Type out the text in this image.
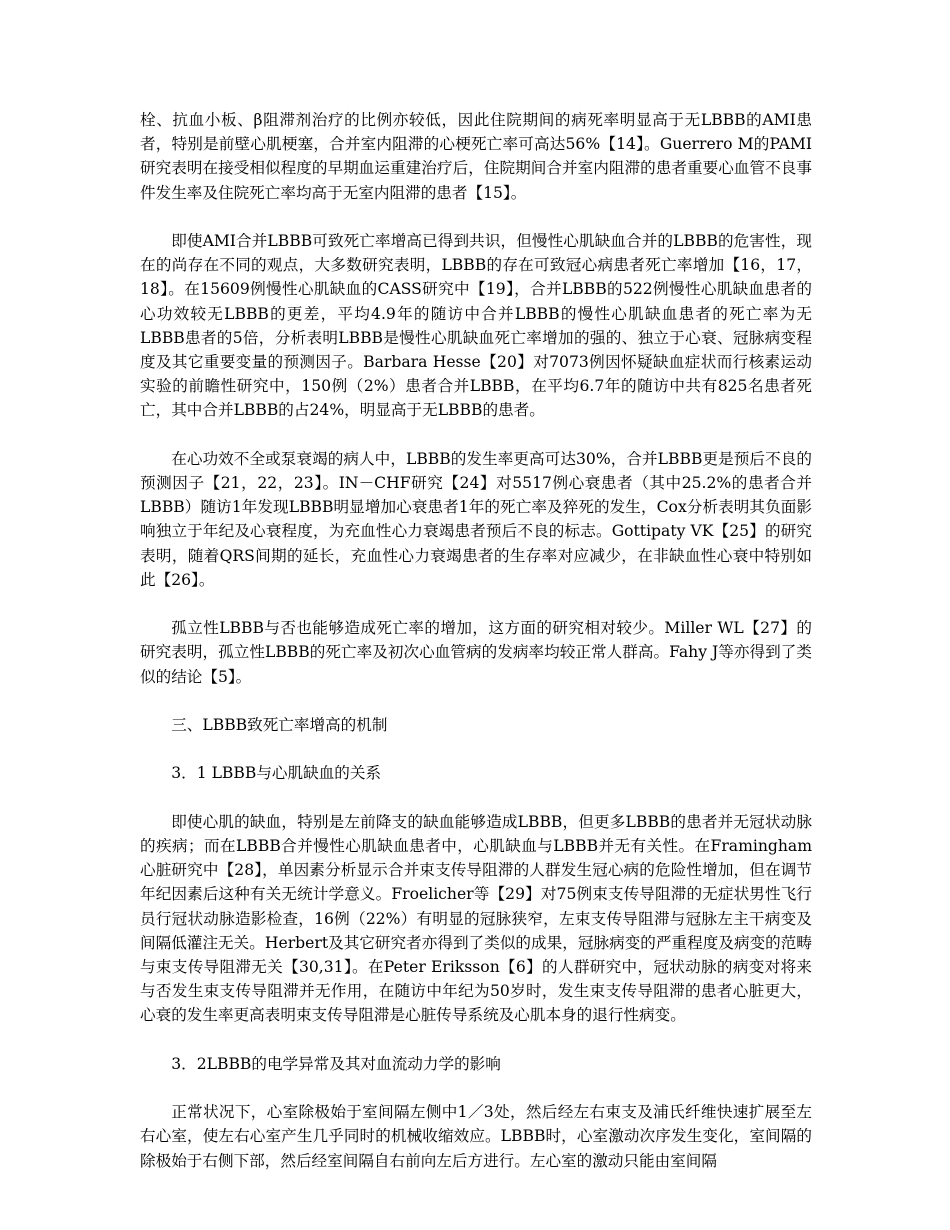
栓、抗血小板、β阻滞剂治疗的比例亦较低，因此住院期间的病死率明显高于无LBBB的AMI患者，特别是前壁心肌梗塞，合并室内阻滞的心梗死亡率可高达56%【14】。Guerrero M的PAMI研究表明在接受相似程度的早期血运重建治疗后，住院期间合并室内阻滞的患者重要心血管不良事件发生率及住院死亡率均高于无室内阻滞的患者【15】。

即使AMI合并LBBB可致死亡率增高已得到共识，但慢性心肌缺血合并的LBBB的危害性，现在的尚存在不同的观点，大多数研究表明，LBBB的存在可致冠心病患者死亡率增加【16，17，18】。在15609例慢性心肌缺血的CASS研究中【19】，合并LBBB的522例慢性心肌缺血患者的心功效较无LBBB的更差，平均4.9年的随访中合并LBBB的慢性心肌缺血患者的死亡率为无LBBB患者的5倍，分析表明LBBB是慢性心肌缺血死亡率增加的强的、独立于心衰、冠脉病变程度及其它重要变量的预测因子。Barbara Hesse【20】对7073例因怀疑缺血症状而行核素运动实验的前瞻性研究中，150例（2%）患者合并LBBB，在平均6.7年的随访中共有825名患者死亡，其中合并LBBB的占24%，明显高于无LBBB的患者。

在心功效不全或泵衰竭的病人中，LBBB的发生率更高可达30%，合并LBBB更是预后不良的预测因子【21，22，23】。IN－CHF研究【24】对5517例心衰患者（其中25.2%的患者合并LBBB）随访1年发现LBBB明显增加心衰患者1年的死亡率及猝死的发生，Cox分析表明其负面影响独立于年纪及心衰程度，为充血性心力衰竭患者预后不良的标志。Gottipaty VK【25】的研究表明，随着QRS间期的延长，充血性心力衰竭患者的生存率对应减少，在非缺血性心衰中特别如此【26】。

孤立性LBBB与否也能够造成死亡率的增加，这方面的研究相对较少。Miller WL【27】的研究表明，孤立性LBBB的死亡率及初次心血管病的发病率均较正常人群高。Fahy J等亦得到了类似的结论【5】。

三、LBBB致死亡率增高的机制

3．1 LBBB与心肌缺血的关系

即使心肌的缺血，特别是左前降支的缺血能够造成LBBB，但更多LBBB的患者并无冠状动脉的疾病；而在LBBB合并慢性心肌缺血患者中，心肌缺血与LBBB并无有关性。在Framingham心脏研究中【28】，单因素分析显示合并束支传导阻滞的人群发生冠心病的危险性增加，但在调节年纪因素后这种有关无统计学意义。Froelicher等【29】对75例束支传导阻滞的无症状男性飞行员行冠状动脉造影检查，16例（22%）有明显的冠脉狭窄，左束支传导阻滞与冠脉左主干病变及间隔低灌注无关。Herbert及其它研究者亦得到了类似的成果，冠脉病变的严重程度及病变的范畴与束支传导阻滞无关【30,31】。在Peter Eriksson【6】的人群研究中，冠状动脉的病变对将来与否发生束支传导阻滞并无作用，在随访中年纪为50岁时，发生束支传导阻滞的患者心脏更大，心衰的发生率更高表明束支传导阻滞是心脏传导系统及心肌本身的退行性病变。

3．2LBBB的电学异常及其对血流动力学的影响

正常状况下，心室除极始于室间隔左侧中1／3处，然后经左右束支及浦氏纤维快速扩展至左右心室，使左右心室产生几乎同时的机械收缩效应。LBBB时，心室激动次序发生变化，室间隔的除极始于右侧下部，然后经室间隔自右前向左后方进行。左心室的激动只能由室间隔
